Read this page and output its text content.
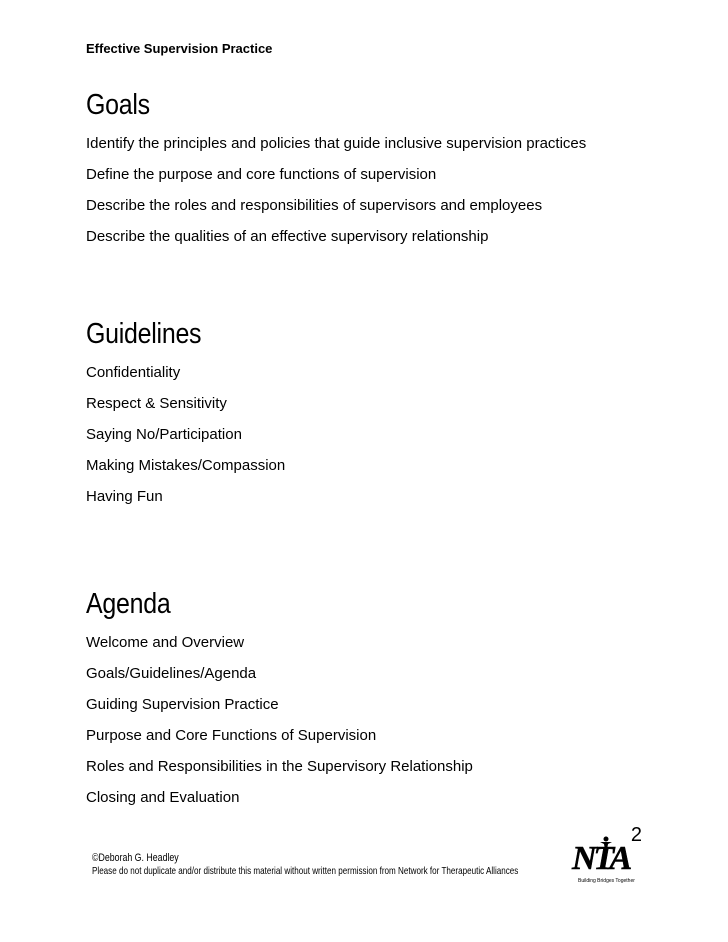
Effective Supervision Practice

Goals
Identify the principles and policies that guide inclusive supervision practices
Define the purpose and core functions of supervision
Describe the roles and responsibilities of supervisors and employees
Describe the qualities of an effective supervisory relationship
Guidelines
Confidentiality
Respect & Sensitivity
Saying No/Participation
Making Mistakes/Compassion
Having Fun
Agenda
Welcome and Overview
Goals/Guidelines/Agenda
Guiding Supervision Practice
Purpose and Core Functions of Supervision
Roles and Responsibilities in the Supervisory Relationship
Closing and Evaluation

2

©Deborah G. Headley
Please do not duplicate and/or distribute this material without written permission from Network for Therapeutic Alliances NTA
Building Bridges Together
